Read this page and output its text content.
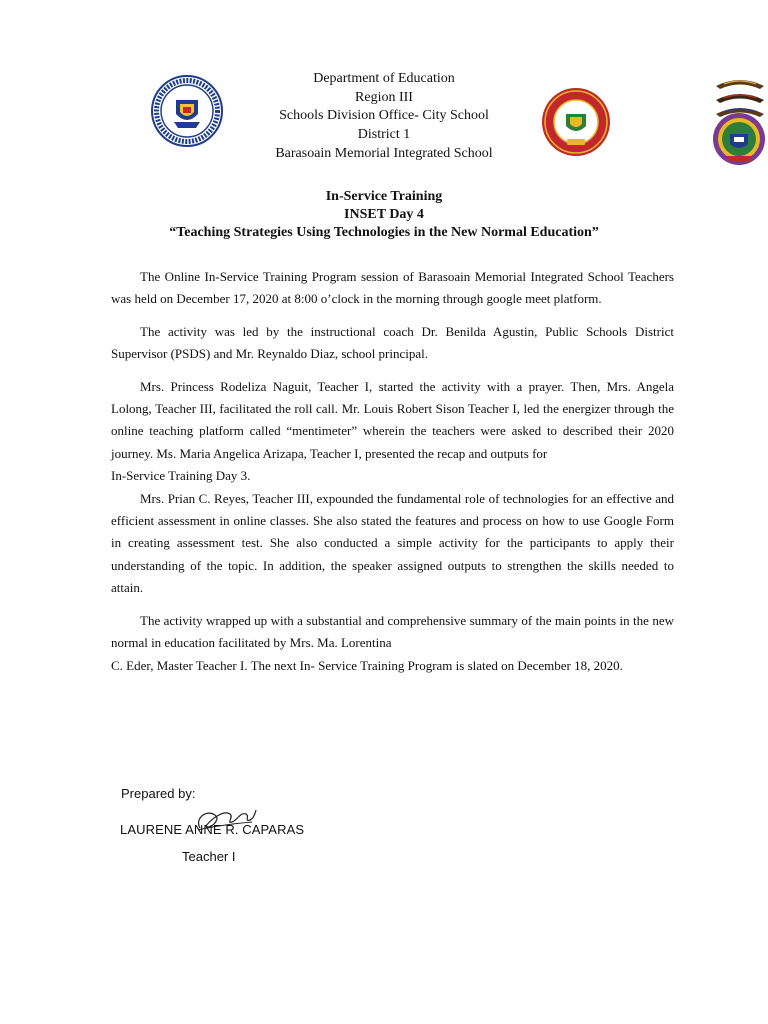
Department of Education
Region III
Schools Division Office- City School
District 1
Barasoain Memorial Integrated School
In-Service Training
INSET Day 4
“Teaching Strategies Using Technologies in the New Normal Education”

The Online In-Service Training Program session of Barasoain Memorial Integrated School Teachers was held on December 17, 2020 at 8:00 o’clock in the morning through google meet platform.

The activity was led by the instructional coach Dr. Benilda Agustin, Public Schools District Supervisor (PSDS) and Mr. Reynaldo Diaz, school principal.

Mrs. Princess Rodeliza Naguit, Teacher I, started the activity with a prayer. Then, Mrs. Angela Lolong, Teacher III, facilitated the roll call. Mr. Louis Robert Sison Teacher I, led the energizer through the online teaching platform called “mentimeter” wherein the teachers were asked to described their 2020 journey. Ms. Maria Angelica Arizapa, Teacher I, presented the recap and outputs for

In-Service Training Day 3.

Mrs. Prian C. Reyes, Teacher III, expounded the fundamental role of technologies for an effective and efficient assessment in online classes. She also stated the features and process on how to use Google Form in creating assessment test. She also conducted a simple activity for the participants to apply their understanding of the topic. In addition, the speaker assigned outputs to strengthen the skills needed to attain.

The activity wrapped up with a substantial and comprehensive summary of the main points in the new normal in education facilitated by Mrs. Ma. Lorentina

C. Eder, Master Teacher I. The next In- Service Training Program is slated on December 18, 2020.

Prepared by:
LAURENE ANNE R. CAPARAS
Teacher I
